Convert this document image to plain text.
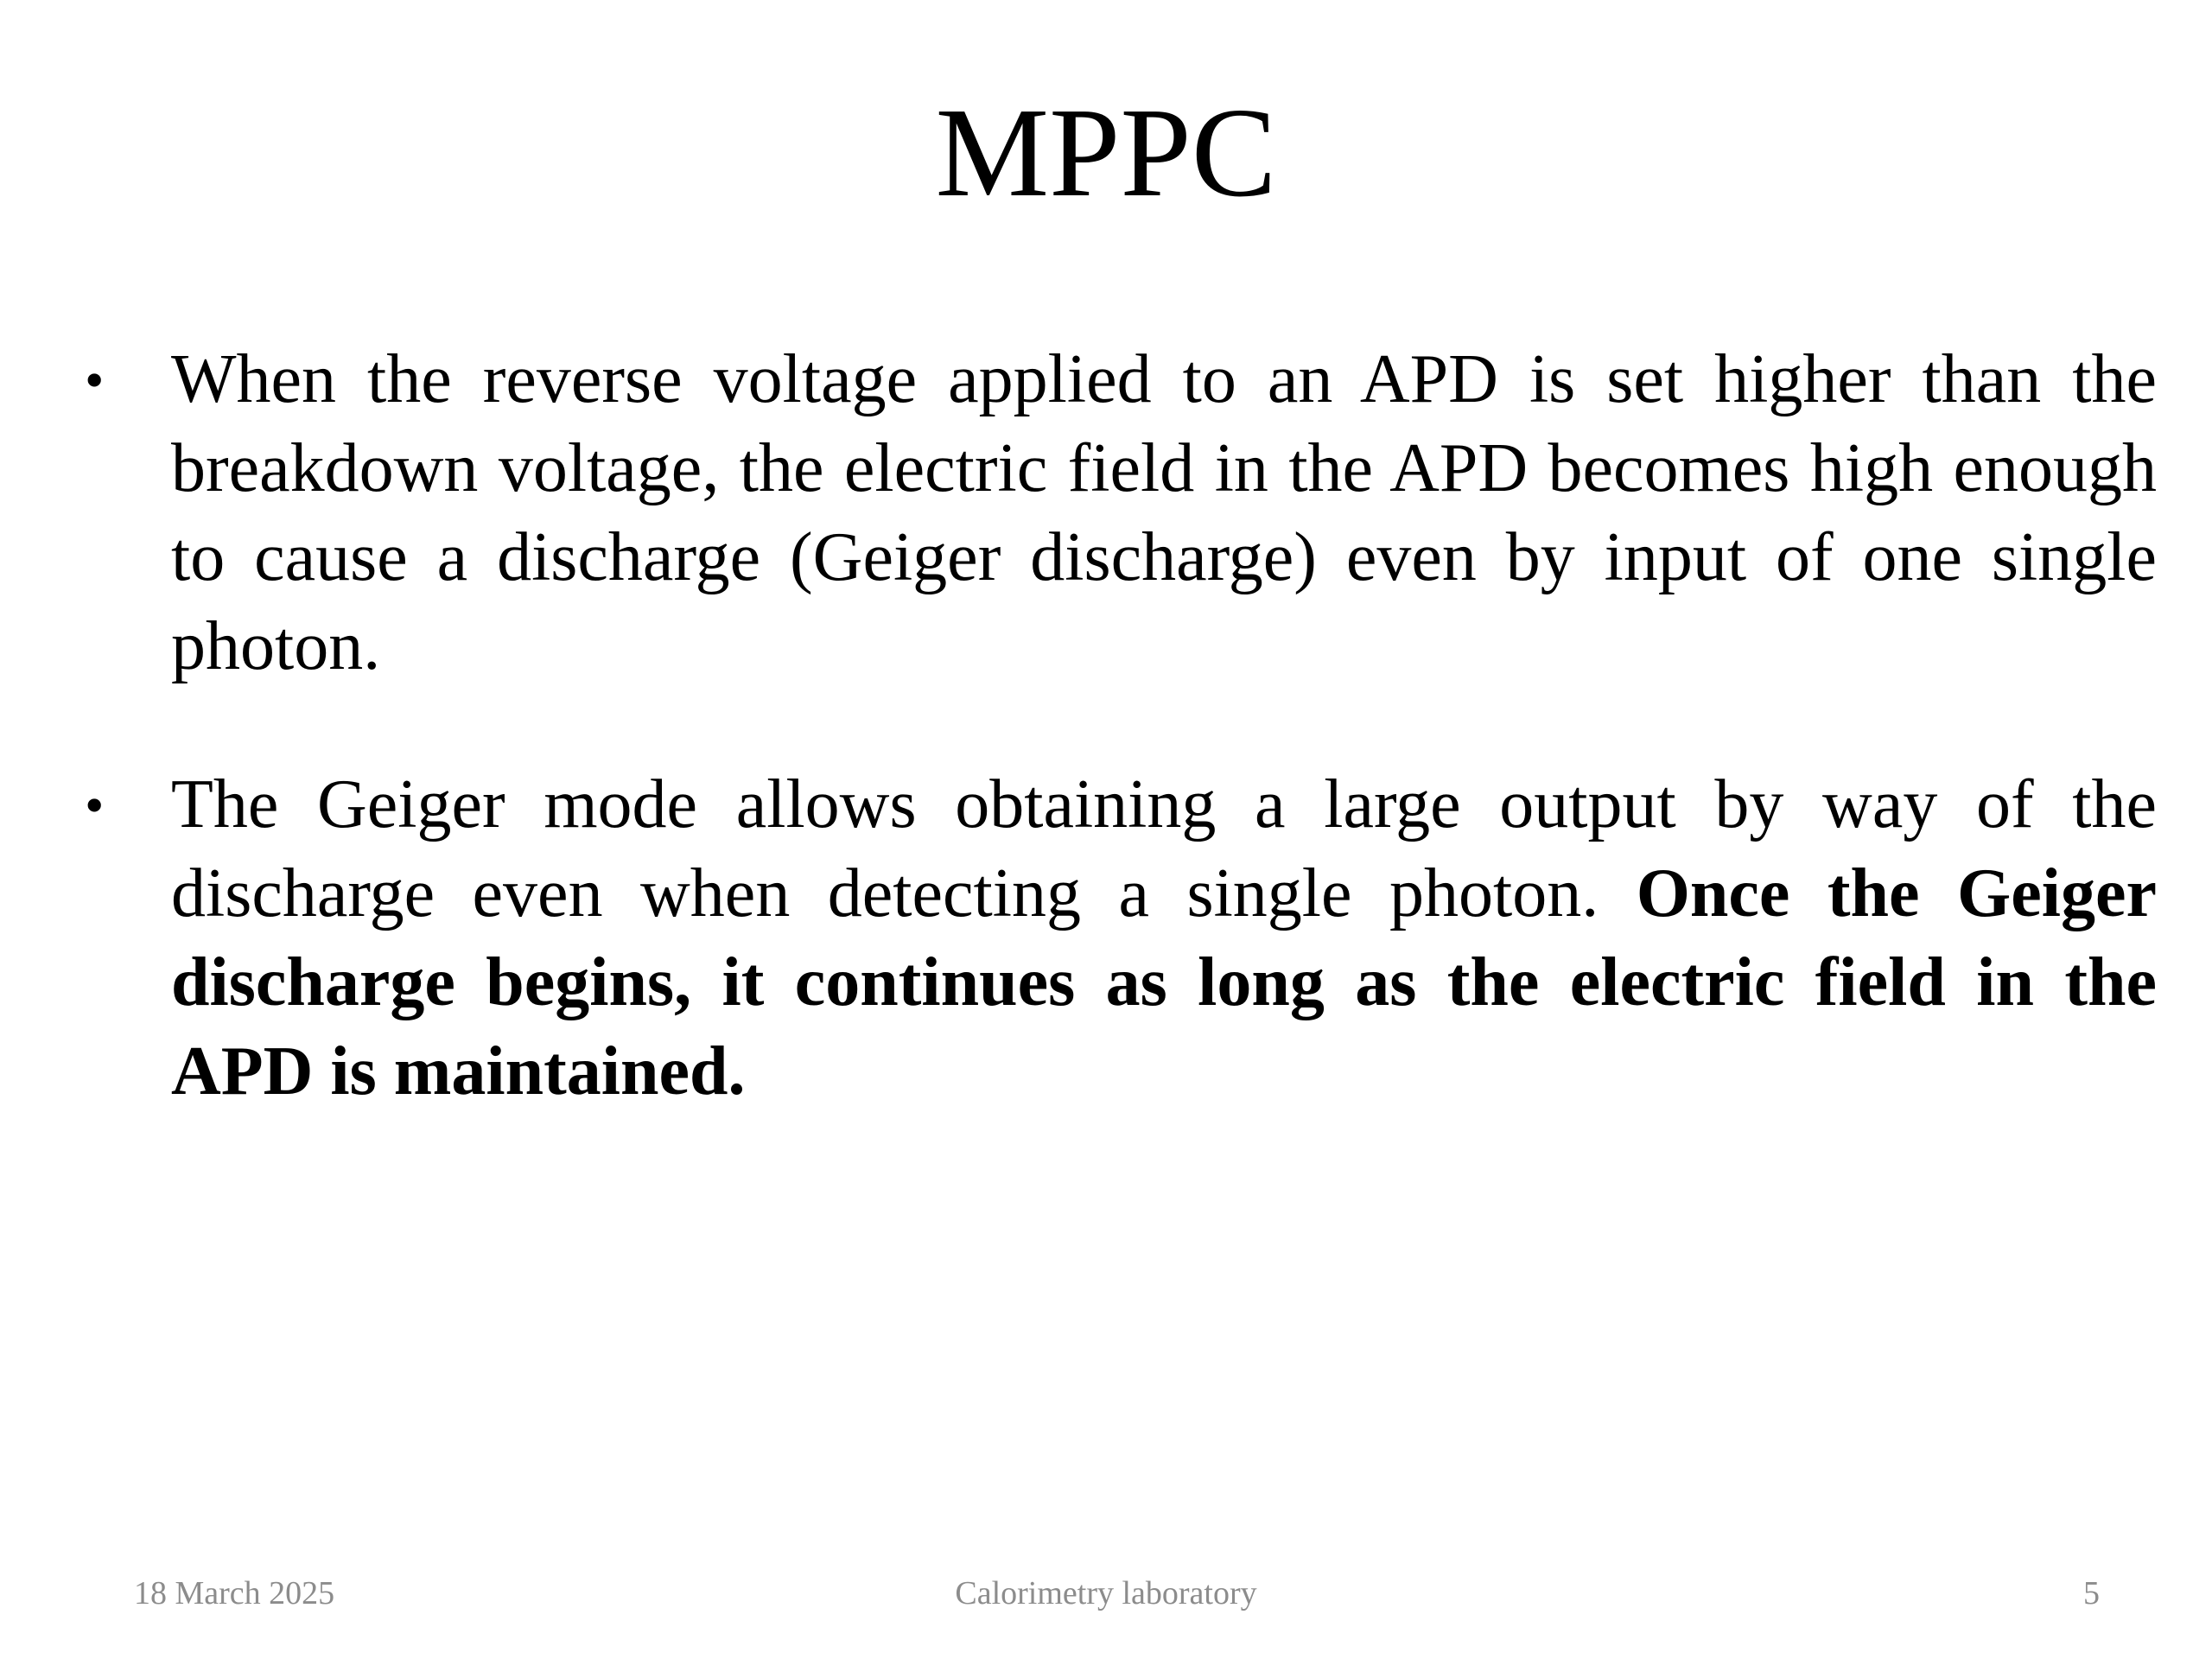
MPPC
• When the reverse voltage applied to an APD is set higher than the breakdown voltage, the electric field in the APD becomes high enough to cause a discharge (Geiger discharge) even by input of one single photon.
• The Geiger mode allows obtaining a large output by way of the discharge even when detecting a single photon. Once the Geiger discharge begins, it continues as long as the electric field in the APD is maintained.
18 March 2025	Calorimetry laboratory	5
